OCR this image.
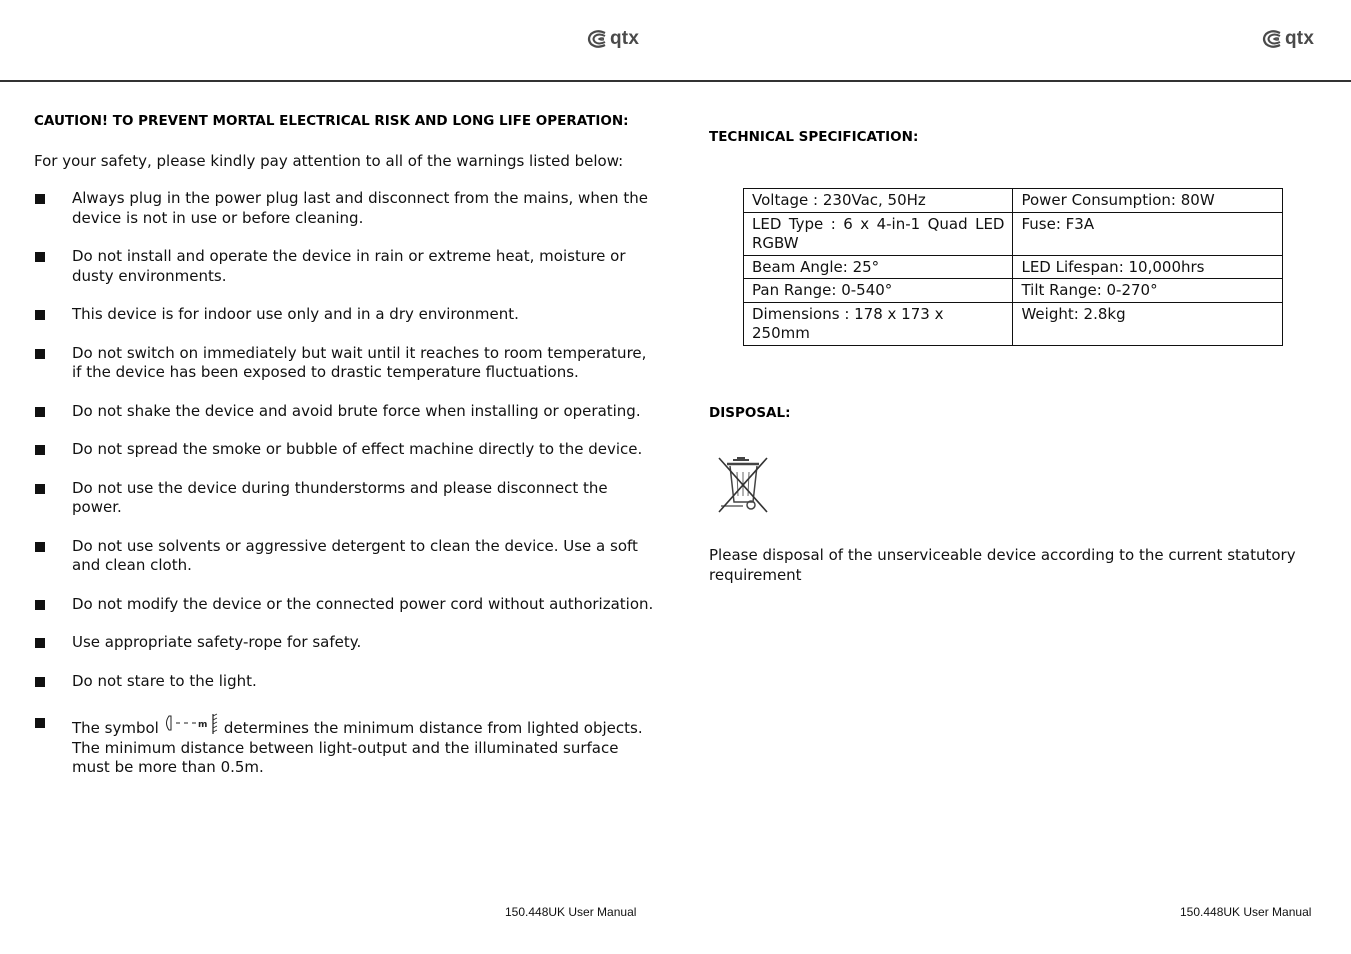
qtx	qtx
CAUTION! TO PREVENT MORTAL ELECTRICAL RISK AND LONG LIFE OPERATION:

For your safety, please kindly pay attention to all of the warnings listed below:

Always plug in the power plug last and disconnect from the mains, when the device is not in use or before cleaning.
Do not install and operate the device in rain or extreme heat, moisture or dusty environments.
This device is for indoor use only and in a dry environment.
Do not switch on immediately but wait until it reaches to room temperature, if the device has been exposed to drastic temperature fluctuations.
Do not shake the device and avoid brute force when installing or operating.
Do not spread the smoke or bubble of effect machine directly to the device.
Do not use the device during thunderstorms and please disconnect the power.
Do not use solvents or aggressive detergent to clean the device. Use a soft and clean cloth.
Do not modify the device or the connected power cord without authorization.
Use appropriate safety-rope for safety.
Do not stare to the light.
The symbol	m determines the minimum distance from lighted objects. The minimum distance between light-output and the illuminated surface must be more than 0.5m.
TECHNICAL SPECIFICATION:
Voltage : 230Vac, 50Hz	Power Consumption: 80W
LED Type : 6 x 4-in-1 Quad LED RGBW	Fuse: F3A
Beam Angle: 25°	LED Lifespan: 10,000hrs
Pan Range: 0-540°	Tilt Range: 0-270°
Dimensions : 178 x 173 x 250mm	Weight: 2.8kg
DISPOSAL:

Please disposal of the unserviceable device according to the current statutory requirement

150.448UK User Manual	150.448UK User Manual
